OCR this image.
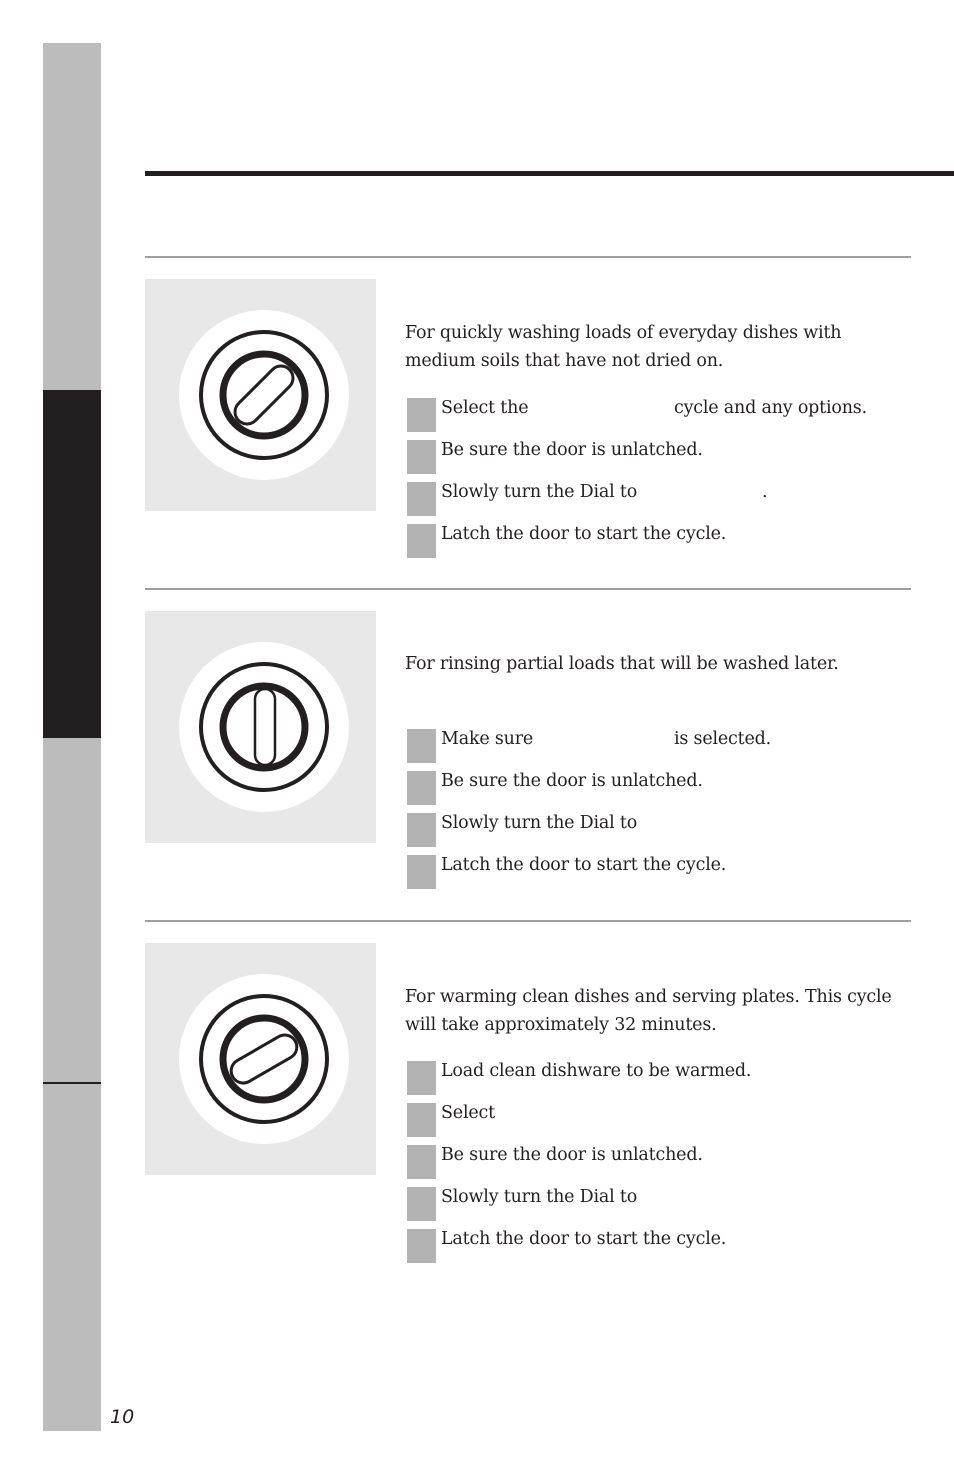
For quickly washing loads of everyday dishes with medium soils that have not dried on.

Select the	cycle and any options.
Be sure the door is unlatched.
Slowly turn the Dial to	.
Latch the door to start the cycle.

For rinsing partial loads that will be washed later.

Make sure	is selected.
Be sure the door is unlatched.
Slowly turn the Dial to
Latch the door to start the cycle.

For warming clean dishes and serving plates. This cycle will take approximately 32 minutes.

Load clean dishware to be warmed.
Select
Be sure the door is unlatched.
Slowly turn the Dial to
Latch the door to start the cycle.
10
